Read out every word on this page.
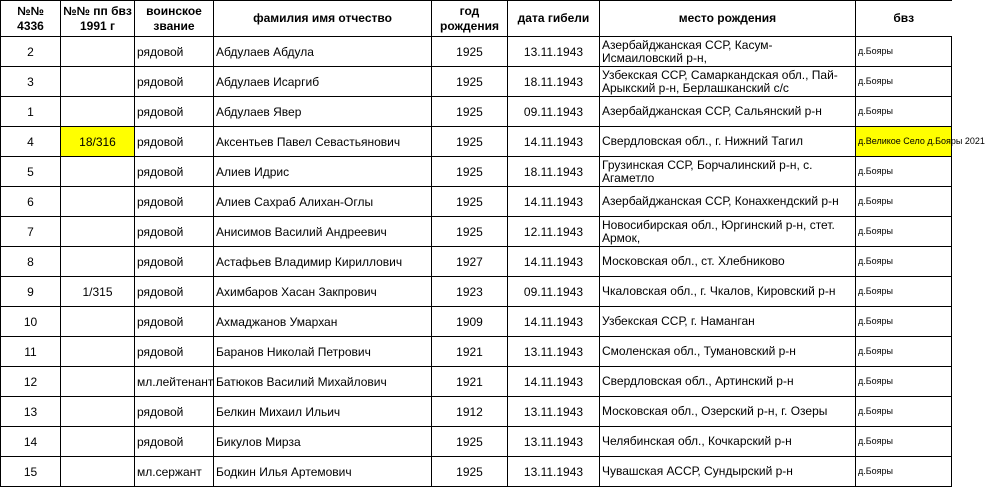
№№ 4336	№№ пп бвз 1991 г	воинское звание	фамилия имя отчество	год рождения	дата гибели	место рождения	бвз
2		рядовой	Абдулаев Абдула	1925	13.11.1943	Азербайджанская ССР, Касум-Исмаиловский р-н,	д.Бояры
3		рядовой	Абдулаев Исаргиб	1925	18.11.1943	Узбекская ССР, Самаркандская обл., Пай-Арыкский р-н, Берлашканский с/с	д.Бояры
1		рядовой	Абдулаев Явер	1925	09.11.1943	Азербайджанская ССР, Сальянский р-н	д.Бояры
4	18/316	рядовой	Аксентьев Павел Севастьянович	1925	14.11.1943	Свердловская обл., г. Нижний Тагил	д.Великое Село д.Бояры 2021
5		рядовой	Алиев Идрис	1925	18.11.1943	Грузинская ССР, Борчалинский р-н, с. Агаметло	д.Бояры
6		рядовой	Алиев Сахраб Алихан-Оглы	1925	14.11.1943	Азербайджанская ССР, Конахкендский р-н	д.Бояры
7		рядовой	Анисимов Василий Андреевич	1925	12.11.1943	Новосибирская обл., Юргинский р-н, стет. Армок,	д.Бояры
8		рядовой	Астафьев Владимир Кириллович	1927	14.11.1943	Московская обл., ст. Хлебниково	д.Бояры
9	1/315	рядовой	Ахимбаров Хасан Закпрович	1923	09.11.1943	Чкаловская обл., г. Чкалов, Кировский р-н	д.Бояры
10		рядовой	Ахмаджанов Умархан	1909	14.11.1943	Узбекская ССР, г. Наманган	д.Бояры
11		рядовой	Баранов Николай Петрович	1921	13.11.1943	Смоленская обл., Тумановский р-н	д.Бояры
12		мл.лейтенант	Батюков Василий Михайлович	1921	14.11.1943	Свердловская обл., Артинский р-н	д.Бояры
13		рядовой	Белкин Михаил Ильич	1912	13.11.1943	Московская обл., Озерский р-н, г. Озеры	д.Бояры
14		рядовой	Бикулов Мирза	1925	13.11.1943	Челябинская обл., Кочкарский р-н	д.Бояры
15		мл.сержант	Бодкин Илья Артемович	1925	13.11.1943	Чувашская АССР, Сундырский р-н	д.Бояры
